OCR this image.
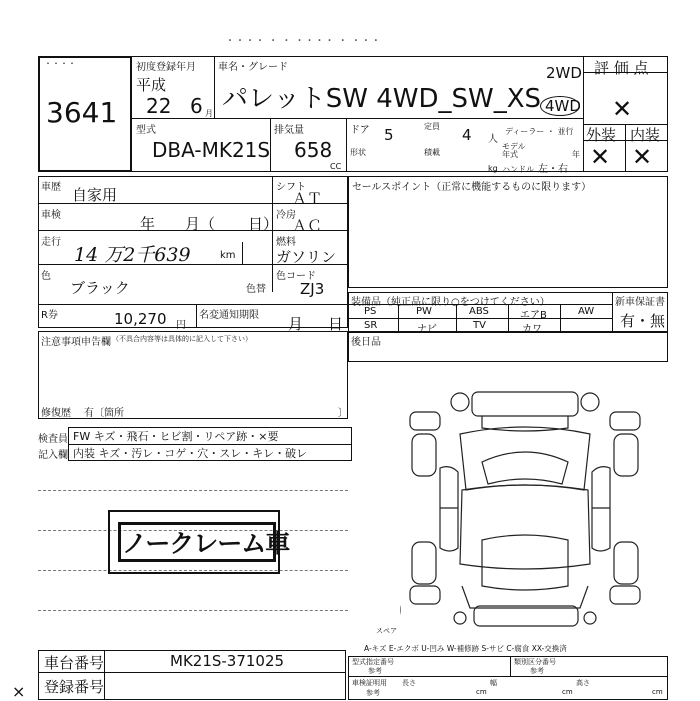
・・・・ ・ ・ ・・・・ ・ ・・・
・・・・
3641
初度登録年月
平成
22 6 月
車名・グレード
パレットSW 4WD_SW_XS
2WD
4WD
評 価 点
✕
外装 内装
✕ ✕
型式
DBA-MK21S
排気量
658
CC
ドア 5	定員 4 人
ディーラー ・ 並行
モデル
年式	年
形状	積載
kg ハンドル 左・右
車歴 自家用
車検	年 月（ 日）
走行
14 万2千639	km
色
ブラック	色替
シフト
ＡＴ
冷房
ＡＣ
燃料
ガソリン
色コード
ZJ3
R券	10,270 円
名変通知期限 月 日
セールスポイント（正常に機能するものに限ります）
装備品（純正品に限り○をつけてください）	新車保証書
有・無
PS	PW	ABS	エアB	AW
SR	ナビ	TV	カワ
注意事項申告欄 （不具合内容等は具体的に記入して下さい）
修復歴 有〔箇所	〕
後日品
検査員
記入欄
FW キズ・飛石・ヒビ割・リペア跡・×要
内装 キズ・汚レ・コゲ・穴・スレ・キレ・破レ
ノークレーム車
スペア
A-キズ E-エクボ U-凹み W-補修跡 S-サビ C-腐食 XX-交換済
車台番号	MK21S-371025
登録番号
型式指定番号
参考
類別区分番号
参考
車検証明用
参考
長さ
cm
幅
cm
高さ
cm
×
